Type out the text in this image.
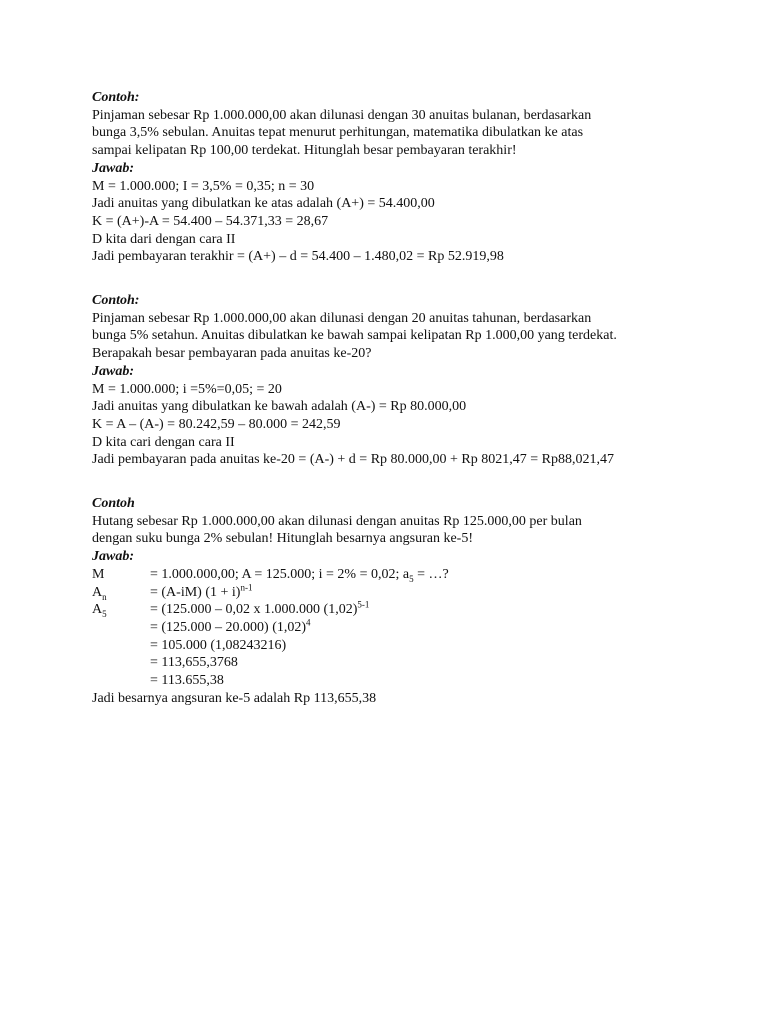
Contoh:
Pinjaman sebesar Rp 1.000.000,00 akan dilunasi dengan 30 anuitas bulanan, berdasarkan
bunga 3,5% sebulan. Anuitas tepat menurut perhitungan, matematika dibulatkan ke atas
sampai kelipatan Rp 100,00 terdekat. Hitunglah besar pembayaran terakhir!
Jawab:
M = 1.000.000; I = 3,5% = 0,35; n = 30
Jadi anuitas yang dibulatkan ke atas adalah (A+) = 54.400,00
K = (A+)-A = 54.400 – 54.371,33 = 28,67
D kita dari dengan cara II
Jadi pembayaran terakhir = (A+) – d = 54.400 – 1.480,02 = Rp 52.919,98
Contoh:
Pinjaman sebesar Rp 1.000.000,00 akan dilunasi dengan 20 anuitas tahunan, berdasarkan
bunga 5% setahun. Anuitas dibulatkan ke bawah sampai kelipatan Rp 1.000,00 yang terdekat.
Berapakah besar pembayaran pada anuitas ke-20?
Jawab:
M = 1.000.000; i =5%=0,05; = 20
Jadi anuitas yang dibulatkan ke bawah adalah (A-) = Rp 80.000,00
K = A – (A-) = 80.242,59 – 80.000 = 242,59
D kita cari dengan cara II
Jadi pembayaran pada anuitas ke-20 = (A-) + d = Rp 80.000,00 + Rp 8021,47 = Rp88,021,47
Contoh
Hutang sebesar Rp 1.000.000,00 akan dilunasi dengan anuitas Rp 125.000,00 per bulan
dengan suku bunga 2% sebulan! Hitunglah besarnya angsuran ke-5!
Jawab:
M	= 1.000.000,00; A = 125.000; i = 2% = 0,02; $a_5$ = …?
$A_n$	= (A-iM) $(1 + i)^{n-1}$
$A_5$	= (125.000 – 0,02 x 1.000.000 $(1,02)^{5-1}$
= (125.000 – 20.000) $(1,02)^4$
= 105.000 (1,08243216)
= 113,655,3768
= 113.655,38
Jadi besarnya angsuran ke-5 adalah Rp 113,655,38
